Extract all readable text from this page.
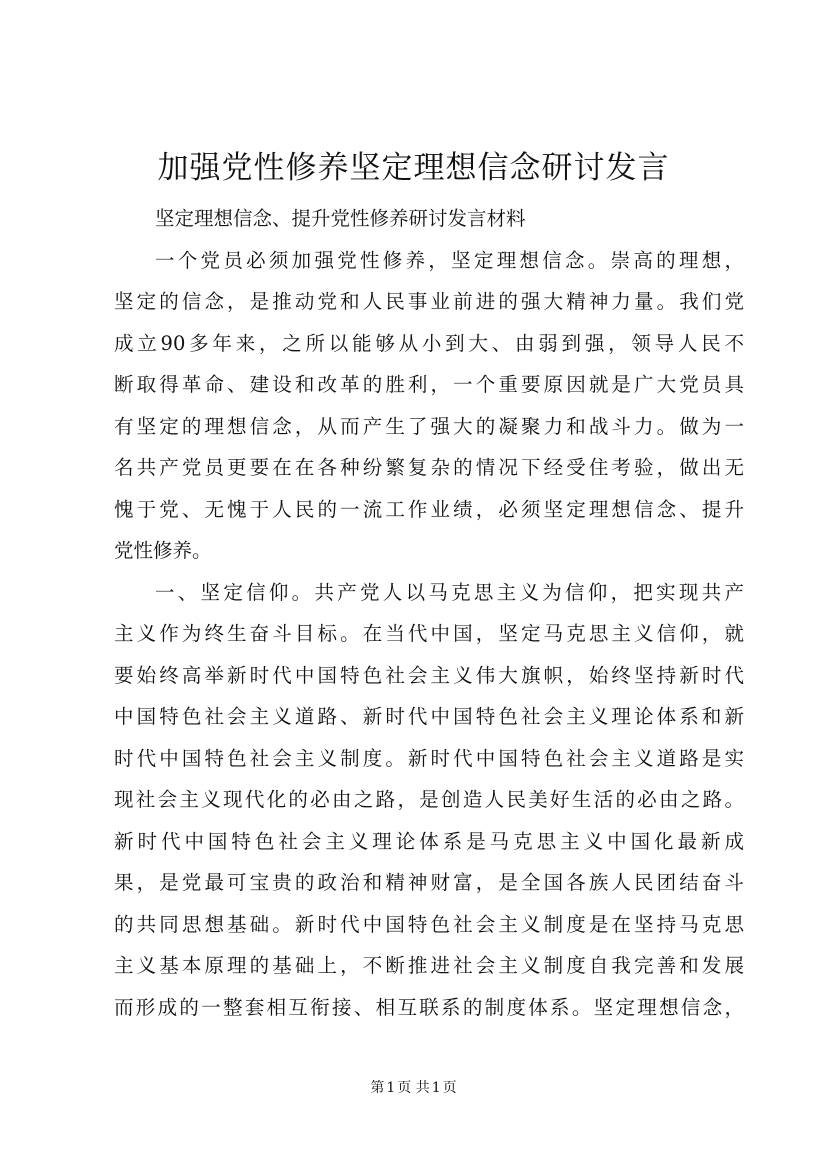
加强党性修养坚定理想信念研讨发言
坚定理想信念、提升党性修养研讨发言材料
一个党员必须加强党性修养，坚定理想信念。崇高的理想，
坚定的信念，是推动党和人民事业前进的强大精神力量。我们党
成立90多年来，之所以能够从小到大、由弱到强，领导人民不
断取得革命、建设和改革的胜利，一个重要原因就是广大党员具
有坚定的理想信念，从而产生了强大的凝聚力和战斗力。做为一
名共产党员更要在在各种纷繁复杂的情况下经受住考验，做出无
愧于党、无愧于人民的一流工作业绩，必须坚定理想信念、提升
党性修养。
一、坚定信仰。共产党人以马克思主义为信仰，把实现共产
主义作为终生奋斗目标。在当代中国，坚定马克思主义信仰，就
要始终高举新时代中国特色社会主义伟大旗帜，始终坚持新时代
中国特色社会主义道路、新时代中国特色社会主义理论体系和新
时代中国特色社会主义制度。新时代中国特色社会主义道路是实
现社会主义现代化的必由之路，是创造人民美好生活的必由之路。
新时代中国特色社会主义理论体系是马克思主义中国化最新成
果，是党最可宝贵的政治和精神财富，是全国各族人民团结奋斗
的共同思想基础。新时代中国特色社会主义制度是在坚持马克思
主义基本原理的基础上，不断推进社会主义制度自我完善和发展
而形成的一整套相互衔接、相互联系的制度体系。坚定理想信念，
第 1 页 共 1 页
